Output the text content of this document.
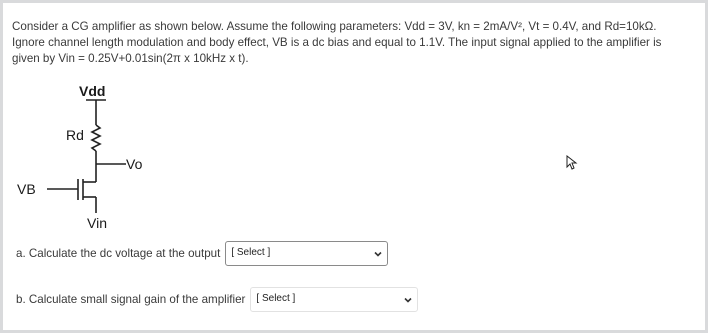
Consider a CG amplifier as shown below. Assume the following parameters: Vdd = 3V, kn = 2mA/V², Vt = 0.4V, and Rd=10kΩ.

Ignore channel length modulation and body effect, VB is a dc bias and equal to 1.1V. The input signal applied to the amplifier is

given by Vin = 0.25V+0.01sin(2π x 10kHz x t).

Vdd
Rd
Vo
VB
Vin
a. Calculate the dc voltage at the output [ Select ]
b. Calculate small signal gain of the amplifier [ Select ]
